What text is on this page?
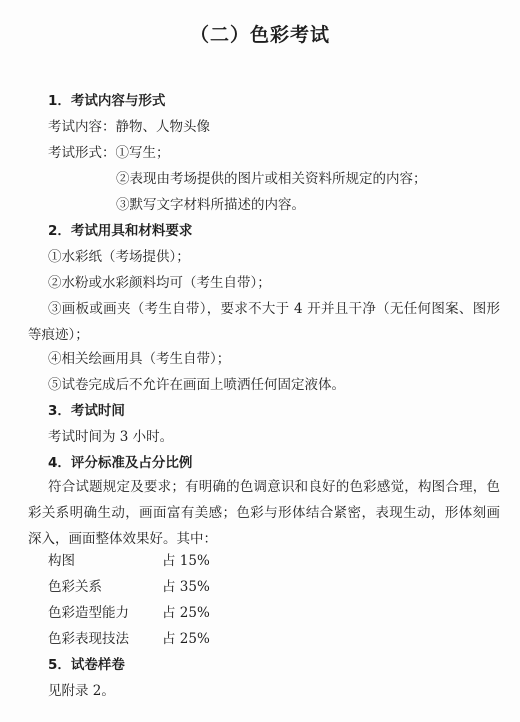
（二）色彩考试
1．考试内容与形式
考试内容：静物、人物头像
考试形式：①写生；
②表现由考场提供的图片或相关资料所规定的内容；
③默写文字材料所描述的内容。
2．考试用具和材料要求
①水彩纸（考场提供）；
②水粉或水彩颜料均可（考生自带）；
③画板或画夹（考生自带），要求不大于 4 开并且干净（无任何图案、图形等痕迹）；
④相关绘画用具（考生自带）；
⑤试卷完成后不允许在画面上喷洒任何固定液体。
3．考试时间
考试时间为 3 小时。
4．评分标准及占分比例
符合试题规定及要求；有明确的色调意识和良好的色彩感觉，构图合理，色彩关系明确生动，画面富有美感；色彩与形体结合紧密，表现生动，形体刻画深入，画面整体效果好。其中：
构图	占 15%
色彩关系	占 35%
色彩造型能力 占 25%
色彩表现技法 占 25%
5．试卷样卷
见附录 2。
